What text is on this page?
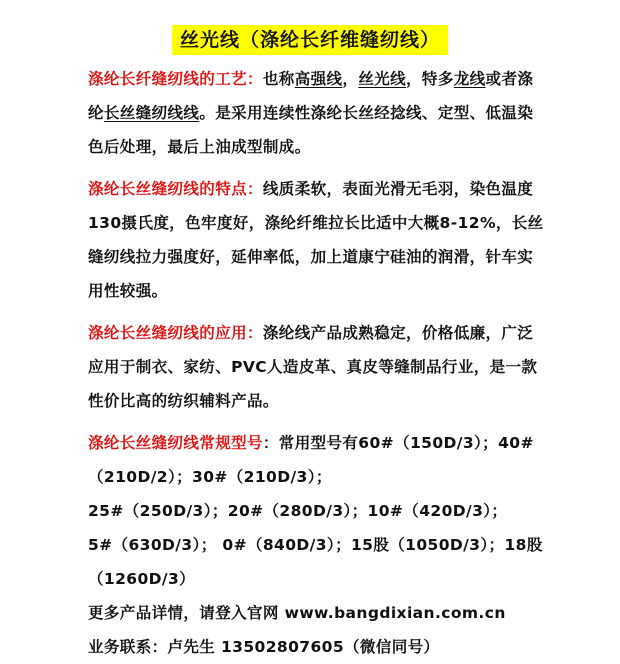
丝光线（涤纶长纤维缝纫线）

涤纶长纤缝纫线的工艺：也称高强线，丝光线，特多龙线或者涤纶长丝缝纫线线。是采用连续性涤纶长丝经捻线、定型、低温染色后处理，最后上油成型制成。

涤纶长丝缝纫线的特点：线质柔软，表面光滑无毛羽，染色温度130摄氏度，色牢度好，涤纶纤维拉长比适中大概8-12%，长丝缝纫线拉力强度好，延伸率低，加上道康宁硅油的润滑，针车实用性较强。

涤纶长丝缝纫线的应用：涤纶线产品成熟稳定，价格低廉，广泛应用于制衣、家纺、PVC人造皮革、真皮等缝制品行业，是一款性价比高的纺织辅料产品。

涤纶长丝缝纫线常规型号：常用型号有60#（150D/3）；40#（210D/2）；30#（210D/3）；

25#（250D/3）；20#（280D/3）；10#（420D/3）；

5#（630D/3）； 0#（840D/3）；15股（1050D/3）；18股（1260D/3）

更多产品详情，请登入官网 www.bangdixian.com.cn

业务联系：卢先生 13502807605（微信同号）
